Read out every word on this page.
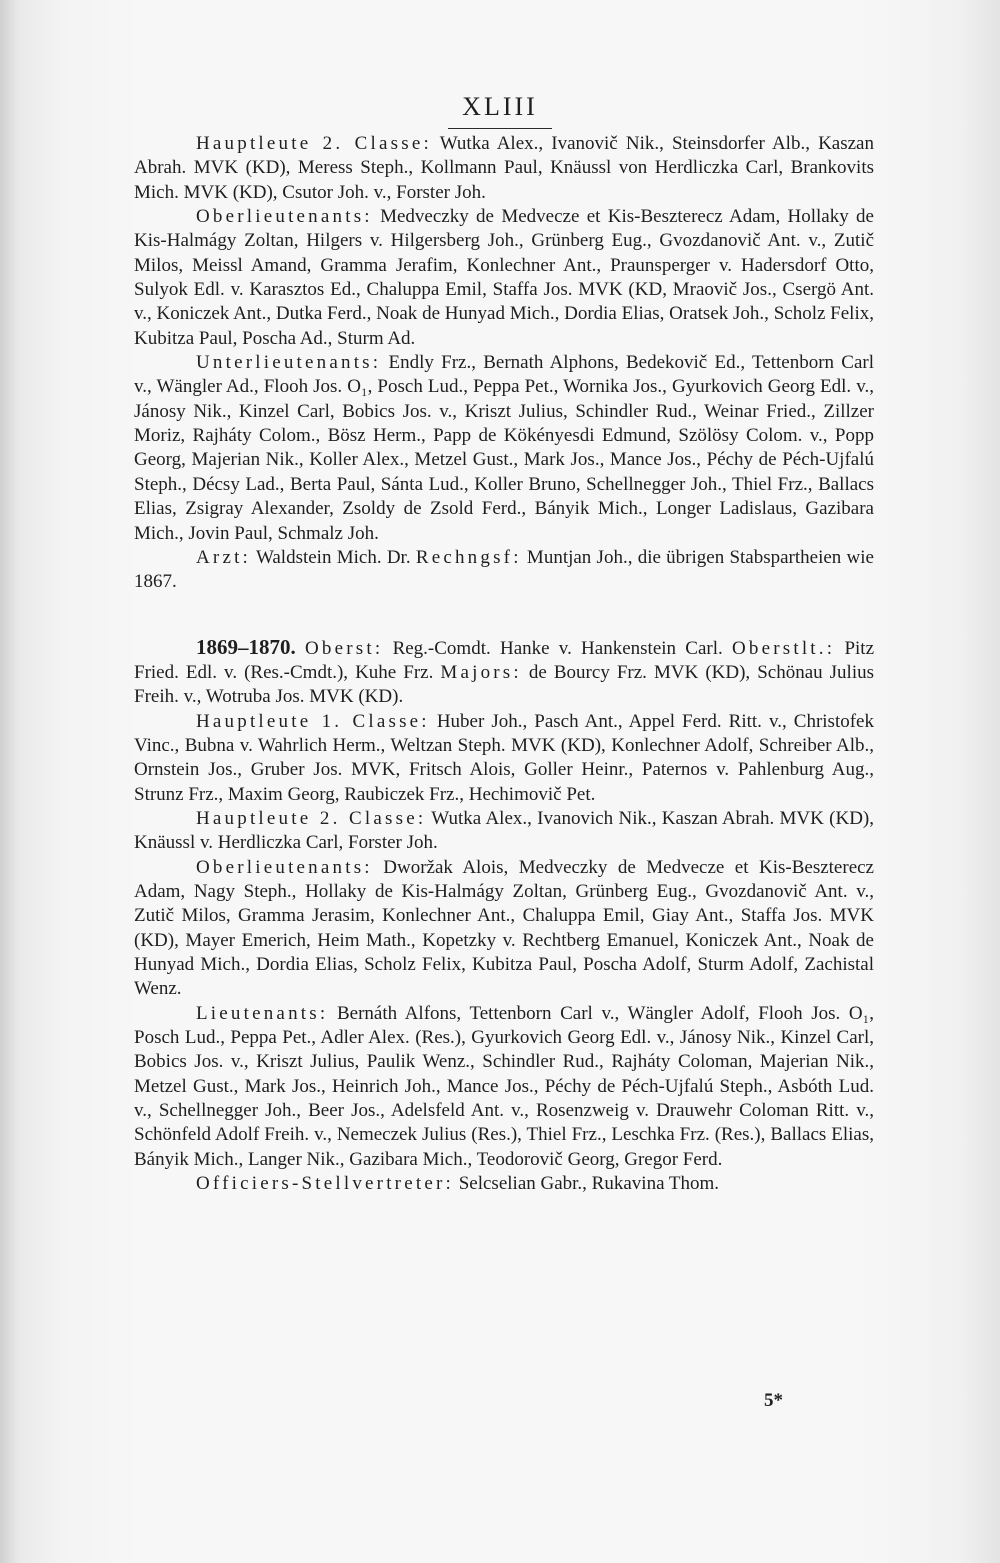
XLIII

Hauptleute 2. Classe: Wutka Alex., Ivanovič Nik., Steinsdorfer Alb., Kaszan Abrah. MVK (KD), Meress Steph., Kollmann Paul, Knäussl von Herdliczka Carl, Brankovits Mich. MVK (KD), Csutor Joh. v., Forster Joh.

Oberlieutenants: Medveczky de Medvecze et Kis-Beszterecz Adam, Hollaky de Kis-Halmágy Zoltan, Hilgers v. Hilgersberg Joh., Grünberg Eug., Gvozdanovič Ant. v., Zutič Milos, Meissl Amand, Gramma Jerafim, Konlechner Ant., Praunsperger v. Hadersdorf Otto, Sulyok Edl. v. Karasztos Ed., Chaluppa Emil, Staffa Jos. MVK (KD, Mraovič Jos., Csergö Ant. v., Koniczek Ant., Dutka Ferd., Noak de Hunyad Mich., Dordia Elias, Oratsek Joh., Scholz Felix, Kubitza Paul, Poscha Ad., Sturm Ad.

Unterlieutenants: Endly Frz., Bernath Alphons, Bedekovič Ed., Tettenborn Carl v., Wängler Ad., Flooh Jos. O₁, Posch Lud., Peppa Pet., Wornika Jos., Gyurkovich Georg Edl. v., Jánosy Nik., Kinzel Carl, Bobics Jos. v., Kriszt Julius, Schindler Rud., Weinar Fried., Zillzer Moriz, Rajháty Colom., Bösz Herm., Papp de Kökényesdi Edmund, Szölösy Colom. v., Popp Georg, Majerian Nik., Koller Alex., Metzel Gust., Mark Jos., Mance Jos., Péchy de Péch-Ujfalú Steph., Décsy Lad., Berta Paul, Sánta Lud., Koller Bruno, Schellnegger Joh., Thiel Frz., Ballacs Elias, Zsigray Alexander, Zsoldy de Zsold Ferd., Bányik Mich., Longer Ladislaus, Gazibara Mich., Jovin Paul, Schmalz Joh.

Arzt: Waldstein Mich. Dr. Rechngsf: Muntjan Joh., die übrigen Stabspartheien wie 1867.

1869–1870. Oberst: Reg.-Comdt. Hanke v. Hankenstein Carl. Oberstlt.: Pitz Fried. Edl. v. (Res.-Cmdt.), Kuhe Frz. Majors: de Bourcy Frz. MVK (KD), Schönau Julius Freih. v., Wotruba Jos. MVK (KD).

Hauptleute 1. Classe: Huber Joh., Pasch Ant., Appel Ferd. Ritt. v., Christofek Vinc., Bubna v. Wahrlich Herm., Weltzan Steph. MVK (KD), Konlechner Adolf, Schreiber Alb., Ornstein Jos., Gruber Jos. MVK, Fritsch Alois, Goller Heinr., Paternos v. Pahlenburg Aug., Strunz Frz., Maxim Georg, Raubiczek Frz., Hechimovič Pet.

Hauptleute 2. Classe: Wutka Alex., Ivanovich Nik., Kaszan Abrah. MVK (KD), Knäussl v. Herdliczka Carl, Forster Joh.

Oberlieutenants: Dworžak Alois, Medveczky de Medvecze et Kis-Beszterecz Adam, Nagy Steph., Hollaky de Kis-Halmágy Zoltan, Grünberg Eug., Gvozdanovič Ant. v., Zutič Milos, Gramma Jerasim, Konlechner Ant., Chaluppa Emil, Giay Ant., Staffa Jos. MVK (KD), Mayer Emerich, Heim Math., Kopetzky v. Rechtberg Emanuel, Koniczek Ant., Noak de Hunyad Mich., Dordia Elias, Scholz Felix, Kubitza Paul, Poscha Adolf, Sturm Adolf, Zachistal Wenz.

Lieutenants: Bernáth Alfons, Tettenborn Carl v., Wängler Adolf, Flooh Jos. O₁, Posch Lud., Peppa Pet., Adler Alex. (Res.), Gyurkovich Georg Edl. v., Jánosy Nik., Kinzel Carl, Bobics Jos. v., Kriszt Julius, Paulik Wenz., Schindler Rud., Rajháty Coloman, Majerian Nik., Metzel Gust., Mark Jos., Heinrich Joh., Mance Jos., Péchy de Péch-Ujfalú Steph., Asbóth Lud. v., Schellnegger Joh., Beer Jos., Adelsfeld Ant. v., Rosenzweig v. Drauwehr Coloman Ritt. v., Schönfeld Adolf Freih. v., Nemeczek Julius (Res.), Thiel Frz., Leschka Frz. (Res.), Ballacs Elias, Bányik Mich., Langer Nik., Gazibara Mich., Teodorovič Georg, Gregor Ferd.

Officiers-Stellvertreter: Selcselian Gabr., Rukavina Thom.

5*
